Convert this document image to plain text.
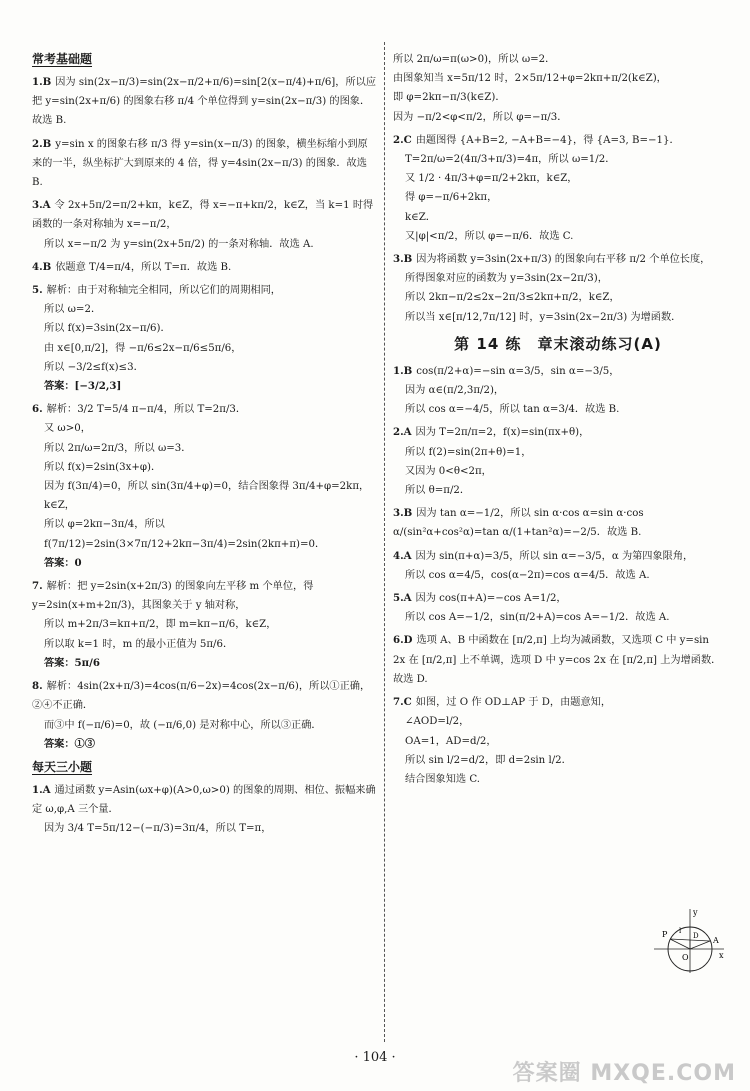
常考基础题
1.B 因为 sin(2x−π/3)=sin(2x−π/2+π/6)=sin[2(x−π/4)+π/6]，所以应把 y=sin(2x+π/6) 的图象右移 π/4 个单位得到 y=sin(2x−π/3) 的图象．故选 B.
2.B y=sin x 的图象右移 π/3 得 y=sin(x−π/3) 的图象，横坐标缩小到原来的一半，纵坐标扩大到原来的 4 倍，得 y=4sin(2x−π/3) 的图象．故选 B.
3.A 令 2x+5π/2=π/2+kπ，k∈Z，得 x=−π+kπ/2，k∈Z，当 k=1 时得函数的一条对称轴为 x=−π/2，
所以 x=−π/2 为 y=sin(2x+5π/2) 的一条对称轴．故选 A.
4.B 依题意 T/4=π/4，所以 T=π．故选 B.
5. 解析：由于对称轴完全相同，所以它们的周期相同，
所以 ω=2．
所以 f(x)=3sin(2x−π/6)．
由 x∈[0,π/2]，得 −π/6≤2x−π/6≤5π/6，
所以 −3/2≤f(x)≤3．
答案：[−3/2,3]
6. 解析：3/2 T=5/4 π−π/4，所以 T=2π/3．
又 ω>0，
所以 2π/ω=2π/3，所以 ω=3．
所以 f(x)=2sin(3x+φ)．
因为 f(3π/4)=0，所以 sin(3π/4+φ)=0，结合图象得 3π/4+φ=2kπ，k∈Z，
所以 φ=2kπ−3π/4，所以 f(7π/12)=2sin(3×7π/12+2kπ−3π/4)=2sin(2kπ+π)=0．
答案：0
7. 解析：把 y=2sin(x+2π/3) 的图象向左平移 m 个单位，得 y=2sin(x+m+2π/3)，其图象关于 y 轴对称，
所以 m+2π/3=kπ+π/2，即 m=kπ−π/6，k∈Z，
所以取 k=1 时，m 的最小正值为 5π/6．
答案：5π/6
8. 解析：4sin(2x+π/3)=4cos(π/6−2x)=4cos(2x−π/6)，所以①正确，②④不正确．
而③中 f(−π/6)=0，故 (−π/6,0) 是对称中心，所以③正确．
答案：①③
每天三小题
1.A 通过函数 y=Asin(ωx+φ)(A>0,ω>0) 的图象的周期、相位、振幅来确定 ω,φ,A 三个量．
因为 3/4 T=5π/12−(−π/3)=3π/4，所以 T=π，
所以 2π/ω=π(ω>0)，所以 ω=2．
由图象知当 x=5π/12 时，2×5π/12+φ=2kπ+π/2(k∈Z)，
即 φ=2kπ−π/3(k∈Z)．
因为 −π/2<φ<π/2，所以 φ=−π/3．
2.C 由题图得 {A+B=2, −A+B=−4}，得 {A=3, B=−1}．
T=2π/ω=2(4π/3+π/3)=4π，所以 ω=1/2．
又 1/2 · 4π/3+φ=π/2+2kπ，k∈Z，
得 φ=−π/6+2kπ，
k∈Z．
又|φ|<π/2，所以 φ=−π/6．故选 C.
3.B 因为将函数 y=3sin(2x+π/3) 的图象向右平移 π/2 个单位长度，
所得图象对应的函数为 y=3sin(2x−2π/3)，
所以 2kπ−π/2≤2x−2π/3≤2kπ+π/2，k∈Z，
所以当 x∈[π/12,7π/12] 时，y=3sin(2x−2π/3) 为增函数．
第 14 练　章末滚动练习(A)
1.B cos(π/2+α)=−sin α=3/5，sin α=−3/5，
因为 α∈(π/2,3π/2)，
所以 cos α=−4/5，所以 tan α=3/4．故选 B.
2.A 因为 T=2π/π=2，f(x)=sin(πx+θ)，
所以 f(2)=sin(2π+θ)=1，
又因为 0<θ<2π，
所以 θ=π/2．
3.B 因为 tan α=−1/2，所以 sin α·cos α=sin α·cos α/(sin²α+cos²α)=tan α/(1+tan²α)=−2/5．故选 B.
4.A 因为 sin(π+α)=3/5，所以 sin α=−3/5，α 为第四象限角，
所以 cos α=4/5，cos(α−2π)=cos α=4/5．故选 A.
5.A 因为 cos(π+A)=−cos A=1/2，
所以 cos A=−1/2，sin(π/2+A)=cos A=−1/2．故选 A.
6.D 选项 A、B 中函数在 [π/2,π] 上均为减函数，又选项 C 中 y=sin 2x 在 [π/2,π] 上不单调，选项 D 中 y=cos 2x 在 [π/2,π] 上为增函数．故选 D.
7.C 如图，过 O 作 OD⊥AP 于 D，由题意知，
∠AOD=l/2，
OA=1，AD=d/2，
所以 sin l/2=d/2，即 d=2sin l/2．
结合图象知选 C.
y
x
P	D A
O
l
· 104 ·
答案圈 MXQE.COM
